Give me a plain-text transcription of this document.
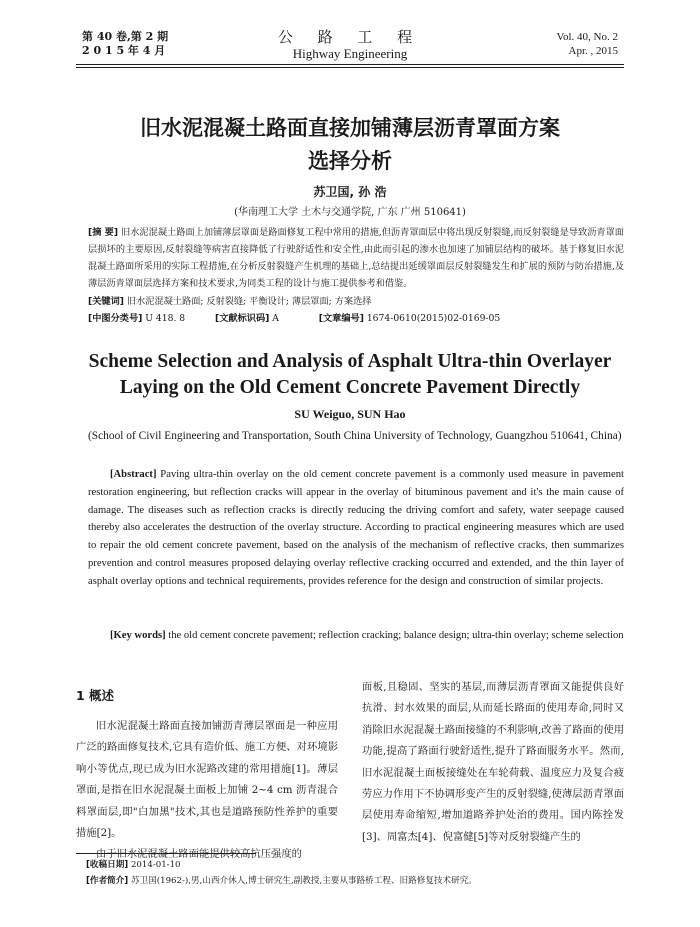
第 40 卷,第 2 期
2 0 1 5 年 4 月
公 路 工 程
Highway Engineering
Vol. 40, No. 2
Apr. , 2015
旧水泥混凝土路面直接加铺薄层沥青罩面方案
选择分析
苏卫国, 孙 浩
(华南理工大学 土木与交通学院, 广东 广州 510641)
[摘 要] 旧水泥混凝土路面上加铺薄层罩面是路面修复工程中常用的措施,但沥青罩面层中将出现反射裂缝,而反射裂缝是导致沥青罩面层损坏的主要原因,反射裂缝等病害直接降低了行驶舒适性和安全性,由此而引起的渗水也加速了加铺层结构的破坏。基于修复旧水泥混凝土路面所采用的实际工程措施,在分析反射裂缝产生机理的基础上,总结提出延缓罩面层反射裂缝发生和扩展的预防与防治措施,及薄层沥青罩面层选择方案和技术要求,为同类工程的设计与施工提供参考和借鉴。
[关键词] 旧水泥混凝土路面; 反射裂缝; 平衡设计; 薄层罩面; 方案选择
[中图分类号] U 418. 8	[文献标识码] A	[文章编号] 1674-0610(2015)02-0169-05
Scheme Selection and Analysis of Asphalt Ultra-thin Overlayer
Laying on the Old Cement Concrete Pavement Directly
SU Weiguo, SUN Hao
(School of Civil Engineering and Transportation, South China University of Technology, Guangzhou 510641, China)

[Abstract] Paving ultra-thin overlay on the old cement concrete pavement is a commonly used measure in pavement restoration engineering, but reflection cracks will appear in the overlay of bituminous pavement and it's the main cause of damage. The diseases such as reflection cracks is directly reducing the driving comfort and safety, water seepage caused thereby also accelerates the destruction of the overlay structure. According to practical engineering measures which are used to repair the old cement concrete pavement, based on the analysis of the mechanism of reflective cracks, then summarizes prevention and control measures proposed delaying overlay reflective cracking occurred and extended, and the thin layer of asphalt overlay options and technical requirements, provides reference for the design and construction of similar projects.

[Key words] the old cement concrete pavement; reflection cracking; balance design; ultra-thin overlay; scheme selection
1 概述

旧水泥混凝土路面直接加铺沥青薄层罩面是一种应用广泛的路面修复技术,它具有造价低、施工方便、对环境影响小等优点,现已成为旧水泥路改建的常用措施[1]。薄层罩面,是指在旧水泥混凝土面板上加铺 2~4 cm 沥青混合料罩面层,即"白加黑"技术,其也是道路预防性养护的重要措施[2]。

由于旧水泥混凝土路面能提供较高抗压强度的

面板,且稳固、坚实的基层,而薄层沥青罩面又能提供良好抗滑、封水效果的面层,从而延长路面的使用寿命,同时又消除旧水泥混凝土路面接缝的不利影响,改善了路面的使用功能,提高了路面行驶舒适性,提升了路面服务水平。然而,旧水泥混凝土面板接缝处在车轮荷载、温度应力及复合疲劳应力作用下不协调形变产生的反射裂缝,使薄层沥青罩面层使用寿命缩短,增加道路养护处治的费用。国内陈拴发[3]、周富杰[4]、倪富健[5]等对反射裂缝产生的

[收稿日期] 2014-01-10
[作者简介] 苏卫国(1962-),男,山西介休人,博士研究生,副教授,主要从事路桥工程、旧路修复技术研究。
